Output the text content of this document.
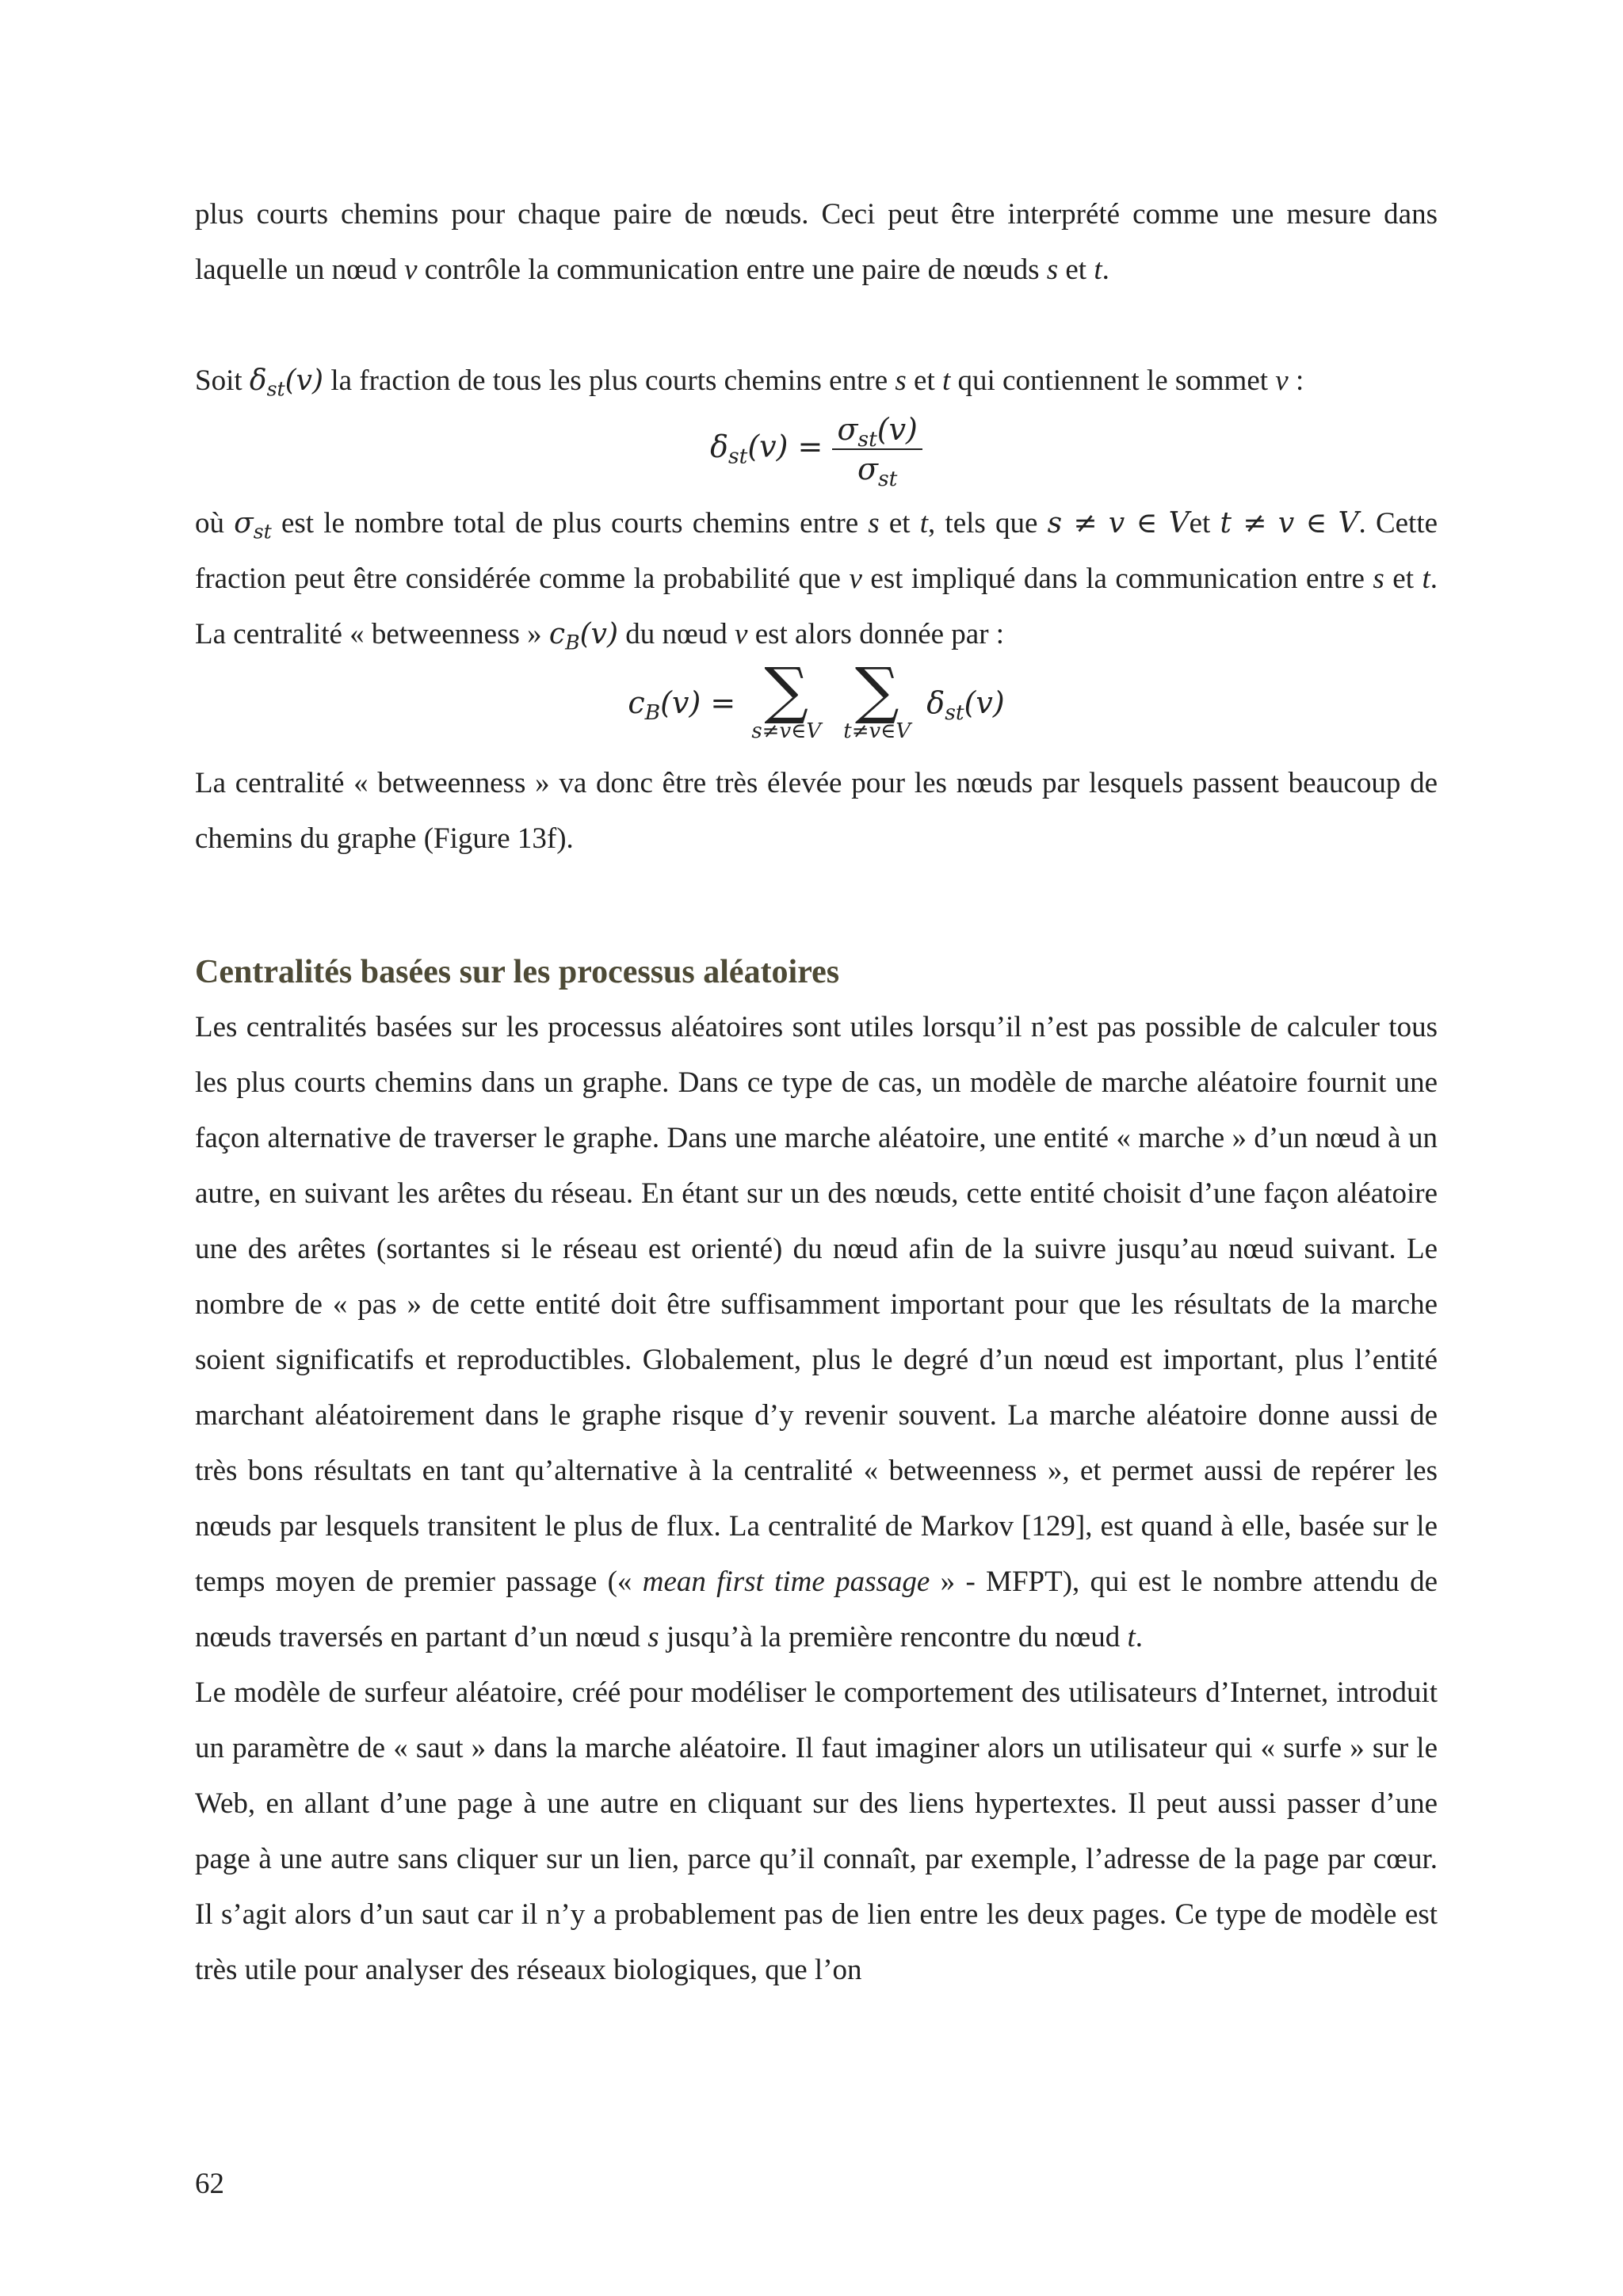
plus courts chemins pour chaque paire de nœuds. Ceci peut être interprété comme une mesure dans laquelle un nœud v contrôle la communication entre une paire de nœuds s et t.

Soit $\delta_{st}(v)$ la fraction de tous les plus courts chemins entre s et t qui contiennent le sommet v :

$\delta_{st}(v) = \frac{\sigma_{st}(v)}{\sigma_{st}}$

où $\sigma_{st}$ est le nombre total de plus courts chemins entre s et t, tels que s ≠ v ∈ Vet t ≠ v ∈ V. Cette fraction peut être considérée comme la probabilité que v est impliqué dans la communication entre s et t. La centralité « betweenness » $c_B(v)$ du nœud v est alors donnée par :

$c_B(v)$ = ∑
s≠v∈V

∑
t≠v∈V
$\delta_{st}(v)$

La centralité « betweenness » va donc être très élevée pour les nœuds par lesquels passent beaucoup de chemins du graphe (Figure 13f).

Centralités basées sur les processus aléatoires

Les centralités basées sur les processus aléatoires sont utiles lorsqu’il n’est pas possible de calculer tous les plus courts chemins dans un graphe. Dans ce type de cas, un modèle de marche aléatoire fournit une façon alternative de traverser le graphe. Dans une marche aléatoire, une entité « marche » d’un nœud à un autre, en suivant les arêtes du réseau. En étant sur un des nœuds, cette entité choisit d’une façon aléatoire une des arêtes (sortantes si le réseau est orienté) du nœud afin de la suivre jusqu’au nœud suivant. Le nombre de « pas » de cette entité doit être suffisamment important pour que les résultats de la marche soient significatifs et reproductibles. Globalement, plus le degré d’un nœud est important, plus l’entité marchant aléatoirement dans le graphe risque d’y revenir souvent. La marche aléatoire donne aussi de très bons résultats en tant qu’alternative à la centralité « betweenness », et permet aussi de repérer les nœuds par lesquels transitent le plus de flux. La centralité de Markov [129], est quand à elle, basée sur le temps moyen de premier passage (« mean first time passage » - MFPT), qui est le nombre attendu de nœuds traversés en partant d’un nœud s jusqu’à la première rencontre du nœud t.

Le modèle de surfeur aléatoire, créé pour modéliser le comportement des utilisateurs d’Internet, introduit un paramètre de « saut » dans la marche aléatoire. Il faut imaginer alors un utilisateur qui « surfe » sur le Web, en allant d’une page à une autre en cliquant sur des liens hypertextes. Il peut aussi passer d’une page à une autre sans cliquer sur un lien, parce qu’il connaît, par exemple, l’adresse de la page par cœur. Il s’agit alors d’un saut car il n’y a probablement pas de lien entre les deux pages. Ce type de modèle est très utile pour analyser des réseaux biologiques, que l’on

62
